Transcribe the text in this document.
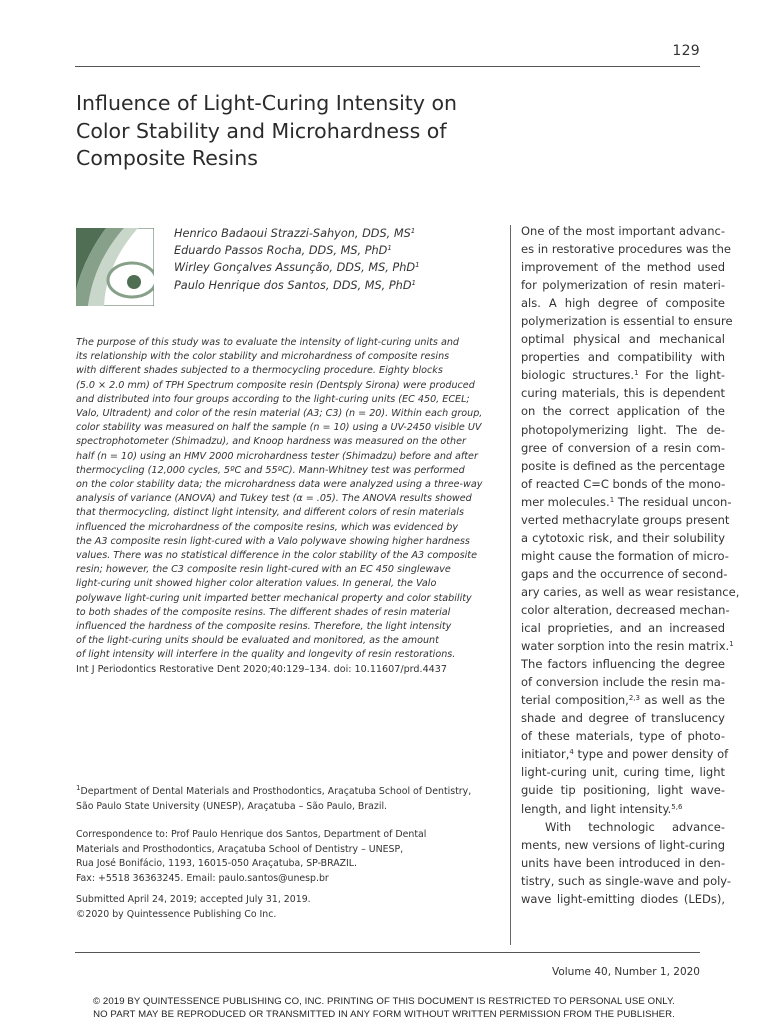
129
Influence of Light-Curing Intensity on
Color Stability and Microhardness of
Composite Resins
Henrico Badaoui Strazzi-Sahyon, DDS, $MS^1$
Eduardo Passos Rocha, DDS, MS, PhD$^1$
Wirley Gonçalves Assunção, DDS, MS, PhD$^1$
Paulo Henrique dos Santos, DDS, MS, PhD$^1$
The purpose of this study was to evaluate the intensity of light-curing units and
its relationship with the color stability and microhardness of composite resins
with different shades subjected to a thermocycling procedure. Eighty blocks
(5.0 × 2.0 mm) of TPH Spectrum composite resin (Dentsply Sirona) were produced
and distributed into four groups according to the light-curing units (EC 450, ECEL;
Valo, Ultradent) and color of the resin material (A3; C3) (n = 20). Within each group,
color stability was measured on half the sample (n = 10) using a UV-2450 visible UV
spectrophotometer (Shimadzu), and Knoop hardness was measured on the other
half (n = 10) using an HMV 2000 microhardness tester (Shimadzu) before and after
thermocycling (12,000 cycles, 5ºC and 55ºC). Mann-Whitney test was performed
on the color stability data; the microhardness data were analyzed using a three-way
analysis of variance (ANOVA) and Tukey test (α = .05). The ANOVA results showed
that thermocycling, distinct light intensity, and different colors of resin materials
influenced the microhardness of the composite resins, which was evidenced by
the A3 composite resin light-cured with a Valo polywave showing higher hardness
values. There was no statistical difference in the color stability of the A3 composite
resin; however, the C3 composite resin light-cured with an EC 450 singlewave
light-curing unit showed higher color alteration values. In general, the Valo
polywave light-curing unit imparted better mechanical property and color stability
to both shades of the composite resins. The different shades of resin material
influenced the hardness of the composite resins. Therefore, the light intensity
of the light-curing units should be evaluated and monitored, as the amount
of light intensity will interfere in the quality and longevity of resin restorations.
Int J Periodontics Restorative Dent 2020;40:129–134. doi: 10.11607/prd.4437
One of the most important advanc-
es in restorative procedures was the
improvement of the method used
for polymerization of resin materi-
als. A high degree of composite
polymerization is essential to ensure
optimal physical and mechanical
properties and compatibility with
biologic structures.$^1$ For the light-
curing materials, this is dependent
on the correct application of the
photopolymerizing light. The de-
gree of conversion of a resin com-
posite is defined as the percentage
of reacted C=C bonds of the mono-
mer molecules.$^1$ The residual uncon-
verted methacrylate groups present
a cytotoxic risk, and their solubility
might cause the formation of micro-
gaps and the occurrence of second-
ary caries, as well as wear resistance,
color alteration, decreased mechan-
ical proprieties, and an increased
water sorption into the resin matrix.$^1$
The factors influencing the degree
of conversion include the resin ma-
terial composition,$^{2,3}$ as well as the
shade and degree of translucency
of these materials, type of photo-
initiator,$^4$ type and power density of
light-curing unit, curing time, light
guide tip positioning, light wave-
length, and light intensity.$^{5,6}$
With technologic advance-
ments, new versions of light-curing
units have been introduced in den-
tistry, such as single-wave and poly-
wave light-emitting diodes (LEDs),
$^1$Department of Dental Materials and Prosthodontics, Araçatuba School of Dentistry,
São Paulo State University (UNESP), Araçatuba – São Paulo, Brazil.
Correspondence to: Prof Paulo Henrique dos Santos, Department of Dental
Materials and Prosthodontics, Araçatuba School of Dentistry – UNESP,
Rua José Bonifácio, 1193, 16015-050 Araçatuba, SP-BRAZIL.
Fax: +5518 36363245. Email: paulo.santos@unesp.br
Submitted April 24, 2019; accepted July 31, 2019.
©2020 by Quintessence Publishing Co Inc.
Volume 40, Number 1, 2020
© 2019 BY QUINTESSENCE PUBLISHING CO, INC. PRINTING OF THIS DOCUMENT IS RESTRICTED TO PERSONAL USE ONLY.
NO PART MAY BE REPRODUCED OR TRANSMITTED IN ANY FORM WITHOUT WRITTEN PERMISSION FROM THE PUBLISHER.
